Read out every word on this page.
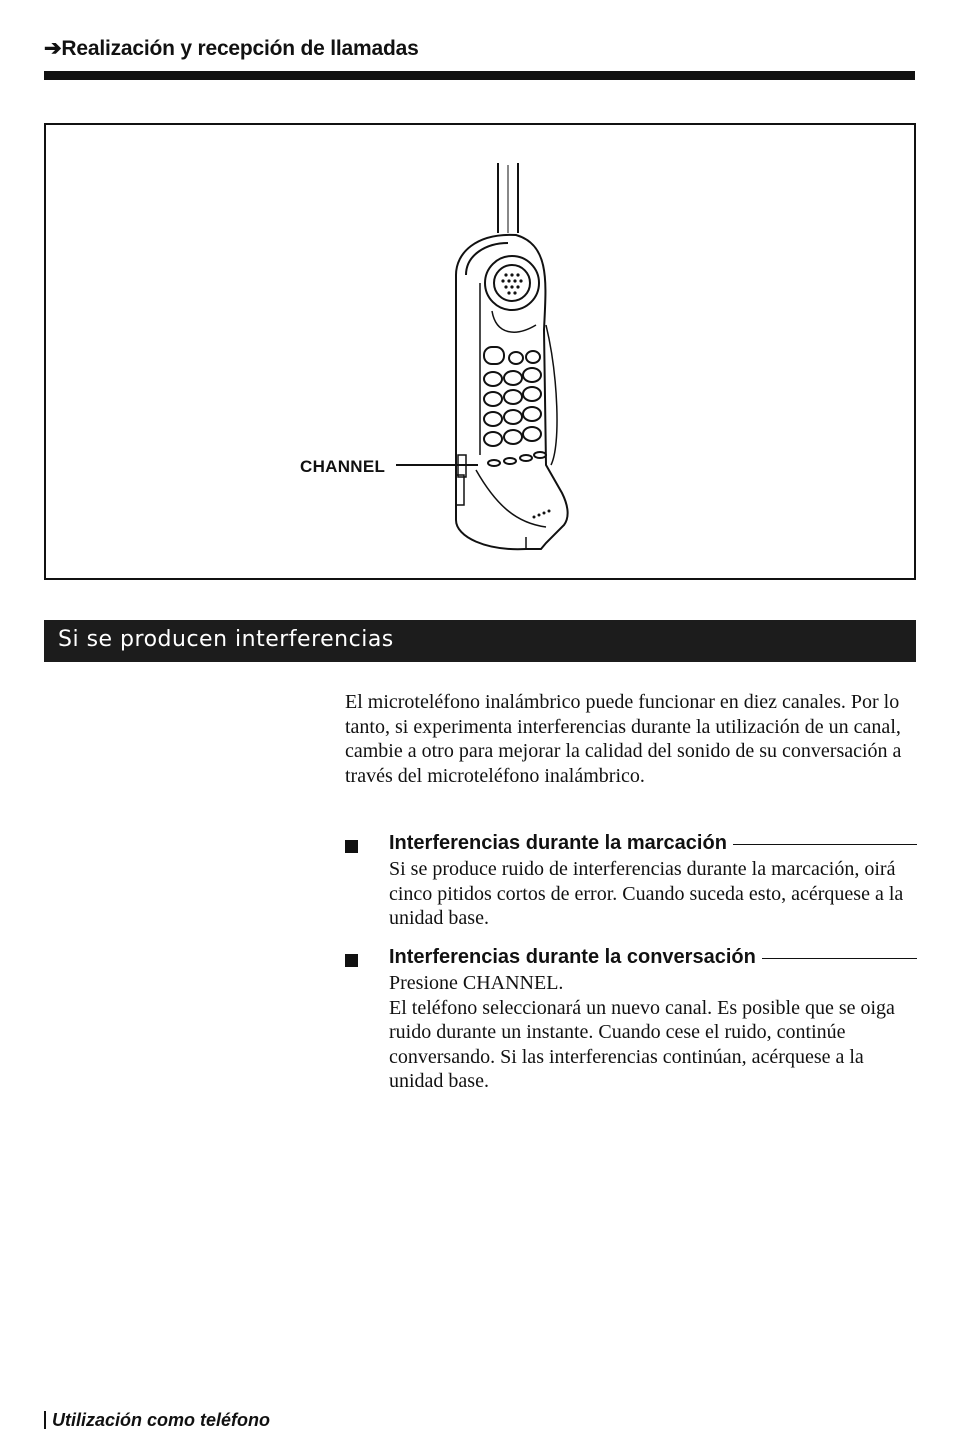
➔Realización y recepción de llamadas
CHANNEL
Si se producen interferencias

El microteléfono inalámbrico puede funcionar en diez canales. Por lo tanto, si experimenta interferencias durante la utilización de un canal, cambie a otro para mejorar la calidad del sonido de su conversación a través del microteléfono inalámbrico.

Interferencias durante la marcación

Si se produce ruido de interferencias durante la marcación, oirá cinco pitidos cortos de error. Cuando suceda esto, acérquese a la unidad base.

Interferencias durante la conversación

Presione CHANNEL.

El teléfono seleccionará un nuevo canal. Es posible que se oiga ruido durante un instante. Cuando cese el ruido, continúe conversando. Si las interferencias continúan, acérquese a la unidad base.

Utilización como teléfono
